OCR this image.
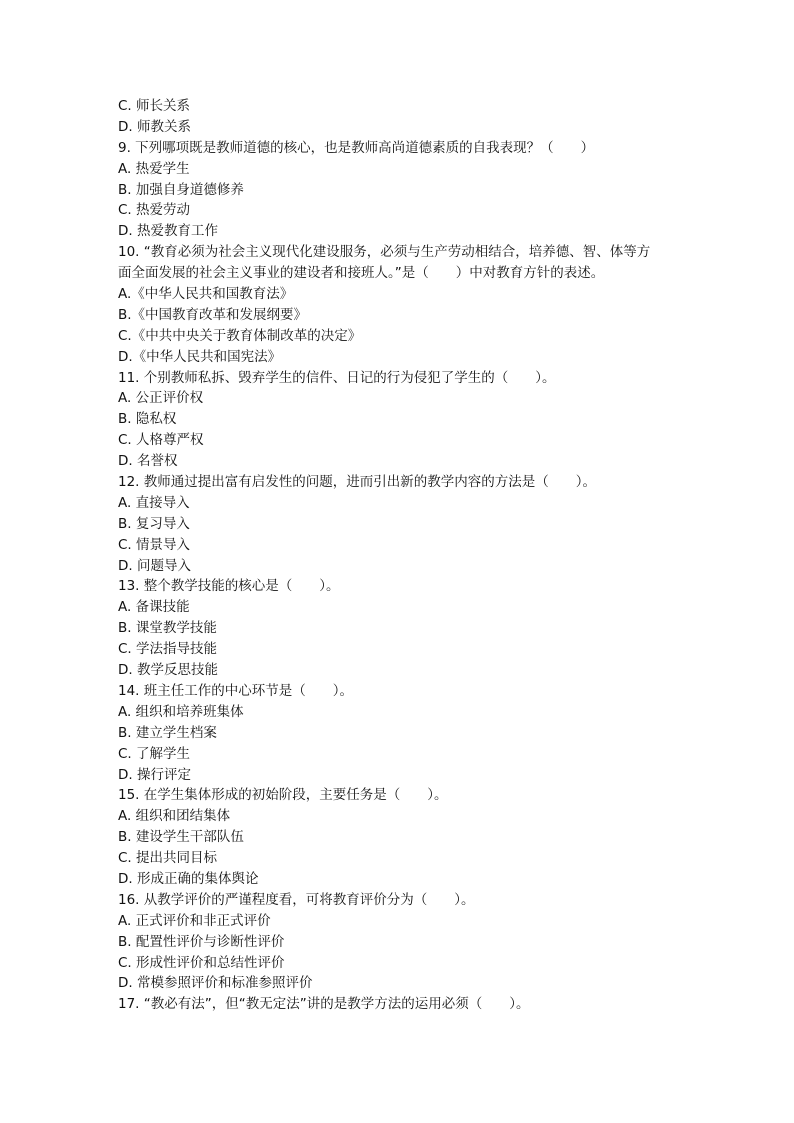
C. 师长关系
D. 师教关系
9. 下列哪项既是教师道德的核心，也是教师高尚道德素质的自我表现？（　　）
A. 热爱学生
B. 加强自身道德修养
C. 热爱劳动
D. 热爱教育工作
10. “教育必须为社会主义现代化建设服务，必须与生产劳动相结合，培养德、智、体等方
面全面发展的社会主义事业的建设者和接班人。”是（　　）中对教育方针的表述。
A.《中华人民共和国教育法》
B.《中国教育改革和发展纲要》
C.《中共中央关于教育体制改革的决定》
D.《中华人民共和国宪法》
11. 个别教师私拆、毁弃学生的信件、日记的行为侵犯了学生的（　　）。
A. 公正评价权
B. 隐私权
C. 人格尊严权
D. 名誉权
12. 教师通过提出富有启发性的问题，进而引出新的教学内容的方法是（　　）。
A. 直接导入
B. 复习导入
C. 情景导入
D. 问题导入
13. 整个教学技能的核心是（　　）。
A. 备课技能
B. 课堂教学技能
C. 学法指导技能
D. 教学反思技能
14. 班主任工作的中心环节是（　　）。
A. 组织和培养班集体
B. 建立学生档案
C. 了解学生
D. 操行评定
15. 在学生集体形成的初始阶段，主要任务是（　　）。
A. 组织和团结集体
B. 建设学生干部队伍
C. 提出共同目标
D. 形成正确的集体舆论
16. 从教学评价的严谨程度看，可将教育评价分为（　　）。
A. 正式评价和非正式评价
B. 配置性评价与诊断性评价
C. 形成性评价和总结性评价
D. 常模参照评价和标准参照评价
17. “教必有法”，但“教无定法”讲的是教学方法的运用必须（　　）。
